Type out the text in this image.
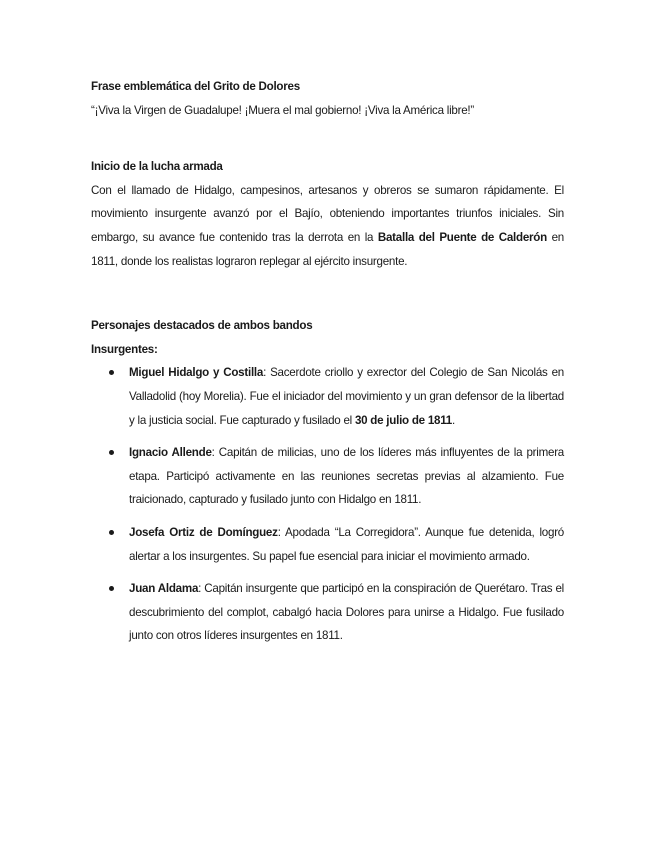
Frase emblemática del Grito de Dolores

“¡Viva la Virgen de Guadalupe! ¡Muera el mal gobierno! ¡Viva la América libre!”

Inicio de la lucha armada

Con el llamado de Hidalgo, campesinos, artesanos y obreros se sumaron rápidamente. El movimiento insurgente avanzó por el Bajío, obteniendo importantes triunfos iniciales. Sin embargo, su avance fue contenido tras la derrota en la Batalla del Puente de Calderón en 1811, donde los realistas lograron replegar al ejército insurgente.

Personajes destacados de ambos bandos

Insurgentes:

Miguel Hidalgo y Costilla: Sacerdote criollo y exrector del Colegio de San Nicolás en Valladolid (hoy Morelia). Fue el iniciador del movimiento y un gran defensor de la libertad y la justicia social. Fue capturado y fusilado el 30 de julio de 1811.
Ignacio Allende: Capitán de milicias, uno de los líderes más influyentes de la primera etapa. Participó activamente en las reuniones secretas previas al alzamiento. Fue traicionado, capturado y fusilado junto con Hidalgo en 1811.
Josefa Ortiz de Domínguez: Apodada “La Corregidora”. Aunque fue detenida, logró alertar a los insurgentes. Su papel fue esencial para iniciar el movimiento armado.
Juan Aldama: Capitán insurgente que participó en la conspiración de Querétaro. Tras el descubrimiento del complot, cabalgó hacia Dolores para unirse a Hidalgo. Fue fusilado junto con otros líderes insurgentes en 1811.
